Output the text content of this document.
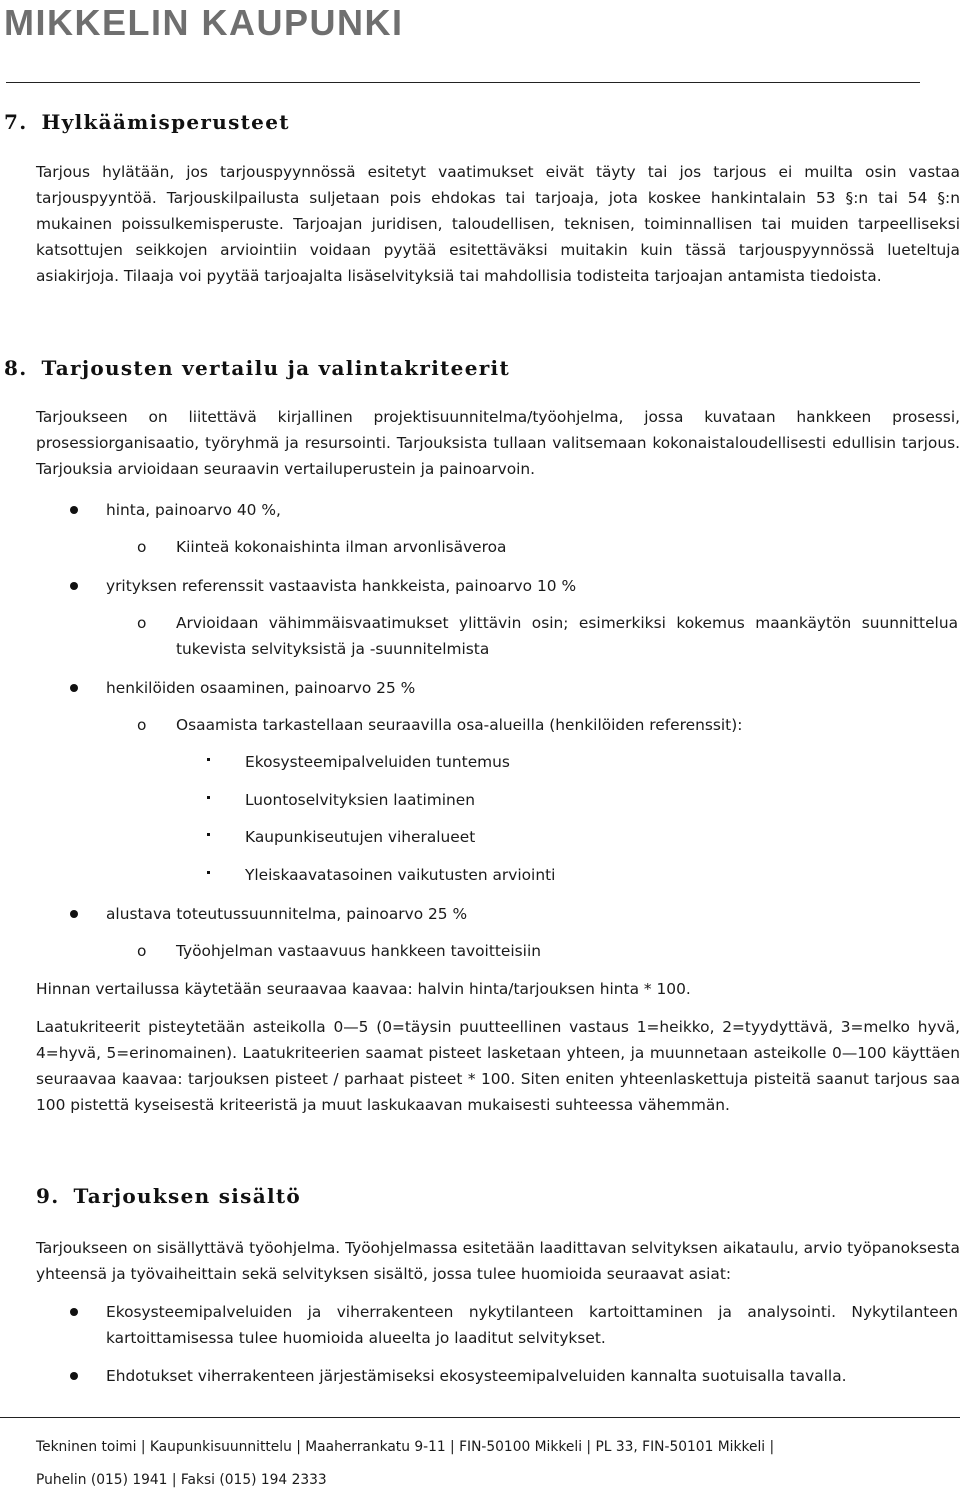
MIKKELIN KAUPUNKI
7. Hylkäämisperusteet

Tarjous hylätään, jos tarjouspyynnössä esitetyt vaatimukset eivät täyty tai jos tarjous ei muilta osin vastaa tarjouspyyntöä. Tarjouskilpailusta suljetaan pois ehdokas tai tarjoaja, jota koskee hankintalain 53 §:n tai 54 §:n mukainen poissulkemisperuste. Tarjoajan juridisen, taloudellisen, teknisen, toiminnallisen tai muiden tarpeelliseksi katsottujen seikkojen arviointiin voidaan pyytää esitettäväksi muitakin kuin tässä tarjouspyynnössä lueteltuja asiakirjoja. Tilaaja voi pyytää tarjoajalta lisäselvityksiä tai mahdollisia todisteita tarjoajan antamista tiedoista.

8. Tarjousten vertailu ja valintakriteerit

Tarjoukseen on liitettävä kirjallinen projektisuunnitelma/työohjelma, jossa kuvataan hankkeen prosessi, prosessiorganisaatio, työryhmä ja resursointi. Tarjouksista tullaan valitsemaan kokonaistaloudellisesti edullisin tarjous. Tarjouksia arvioidaan seuraavin vertailuperustein ja painoarvoin.

hinta, painoarvo 40 %,
o Kiinteä kokonaishinta ilman arvonlisäveroa
yrityksen referenssit vastaavista hankkeista, painoarvo 10 %
o Arvioidaan vähimmäisvaatimukset ylittävin osin; esimerkiksi kokemus maankäytön suunnittelua tukevista selvityksistä ja -suunnitelmista

henkilöiden osaaminen, painoarvo 25 %
o Osaamista tarkastellaan seuraavilla osa-alueilla (henkilöiden referenssit):
Ekosysteemipalveluiden tuntemus
Luontoselvityksien laatiminen
Kaupunkiseutujen viheralueet
Yleiskaavatasoinen vaikutusten arviointi
alustava toteutussuunnitelma, painoarvo 25 %
o Työohjelman vastaavuus hankkeen tavoitteisiin
Hinnan vertailussa käytetään seuraavaa kaavaa: halvin hinta/tarjouksen hinta * 100.

Laatukriteerit pisteytetään asteikolla 0—5 (0=täysin puutteellinen vastaus 1=heikko, 2=tyydyttävä, 3=melko hyvä, 4=hyvä, 5=erinomainen). Laatukriteerien saamat pisteet lasketaan yhteen, ja muunnetaan asteikolle 0—100 käyttäen seuraavaa kaavaa: tarjouksen pisteet / parhaat pisteet * 100. Siten eniten yhteenlaskettuja pisteitä saanut tarjous saa 100 pistettä kyseisestä kriteeristä ja muut laskukaavan mukaisesti suhteessa vähemmän.

9. Tarjouksen sisältö

Tarjoukseen on sisällyttävä työohjelma. Työohjelmassa esitetään laadittavan selvityksen aikataulu, arvio työpanoksesta yhteensä ja työvaiheittain sekä selvityksen sisältö, jossa tulee huomioida seuraavat asiat:

Ekosysteemipalveluiden ja viherrakenteen nykytilanteen kartoittaminen ja analysointi. Nykytilanteen kartoittamisessa tulee huomioida alueelta jo laaditut selvitykset.

Ehdotukset viherrakenteen järjestämiseksi ekosysteemipalveluiden kannalta suotuisalla tavalla.
Tekninen toimi | Kaupunkisuunnittelu | Maaherrankatu 9-11 | FIN-50100 Mikkeli | PL 33, FIN-50101 Mikkeli |
Puhelin (015) 1941 | Faksi (015) 194 2333
